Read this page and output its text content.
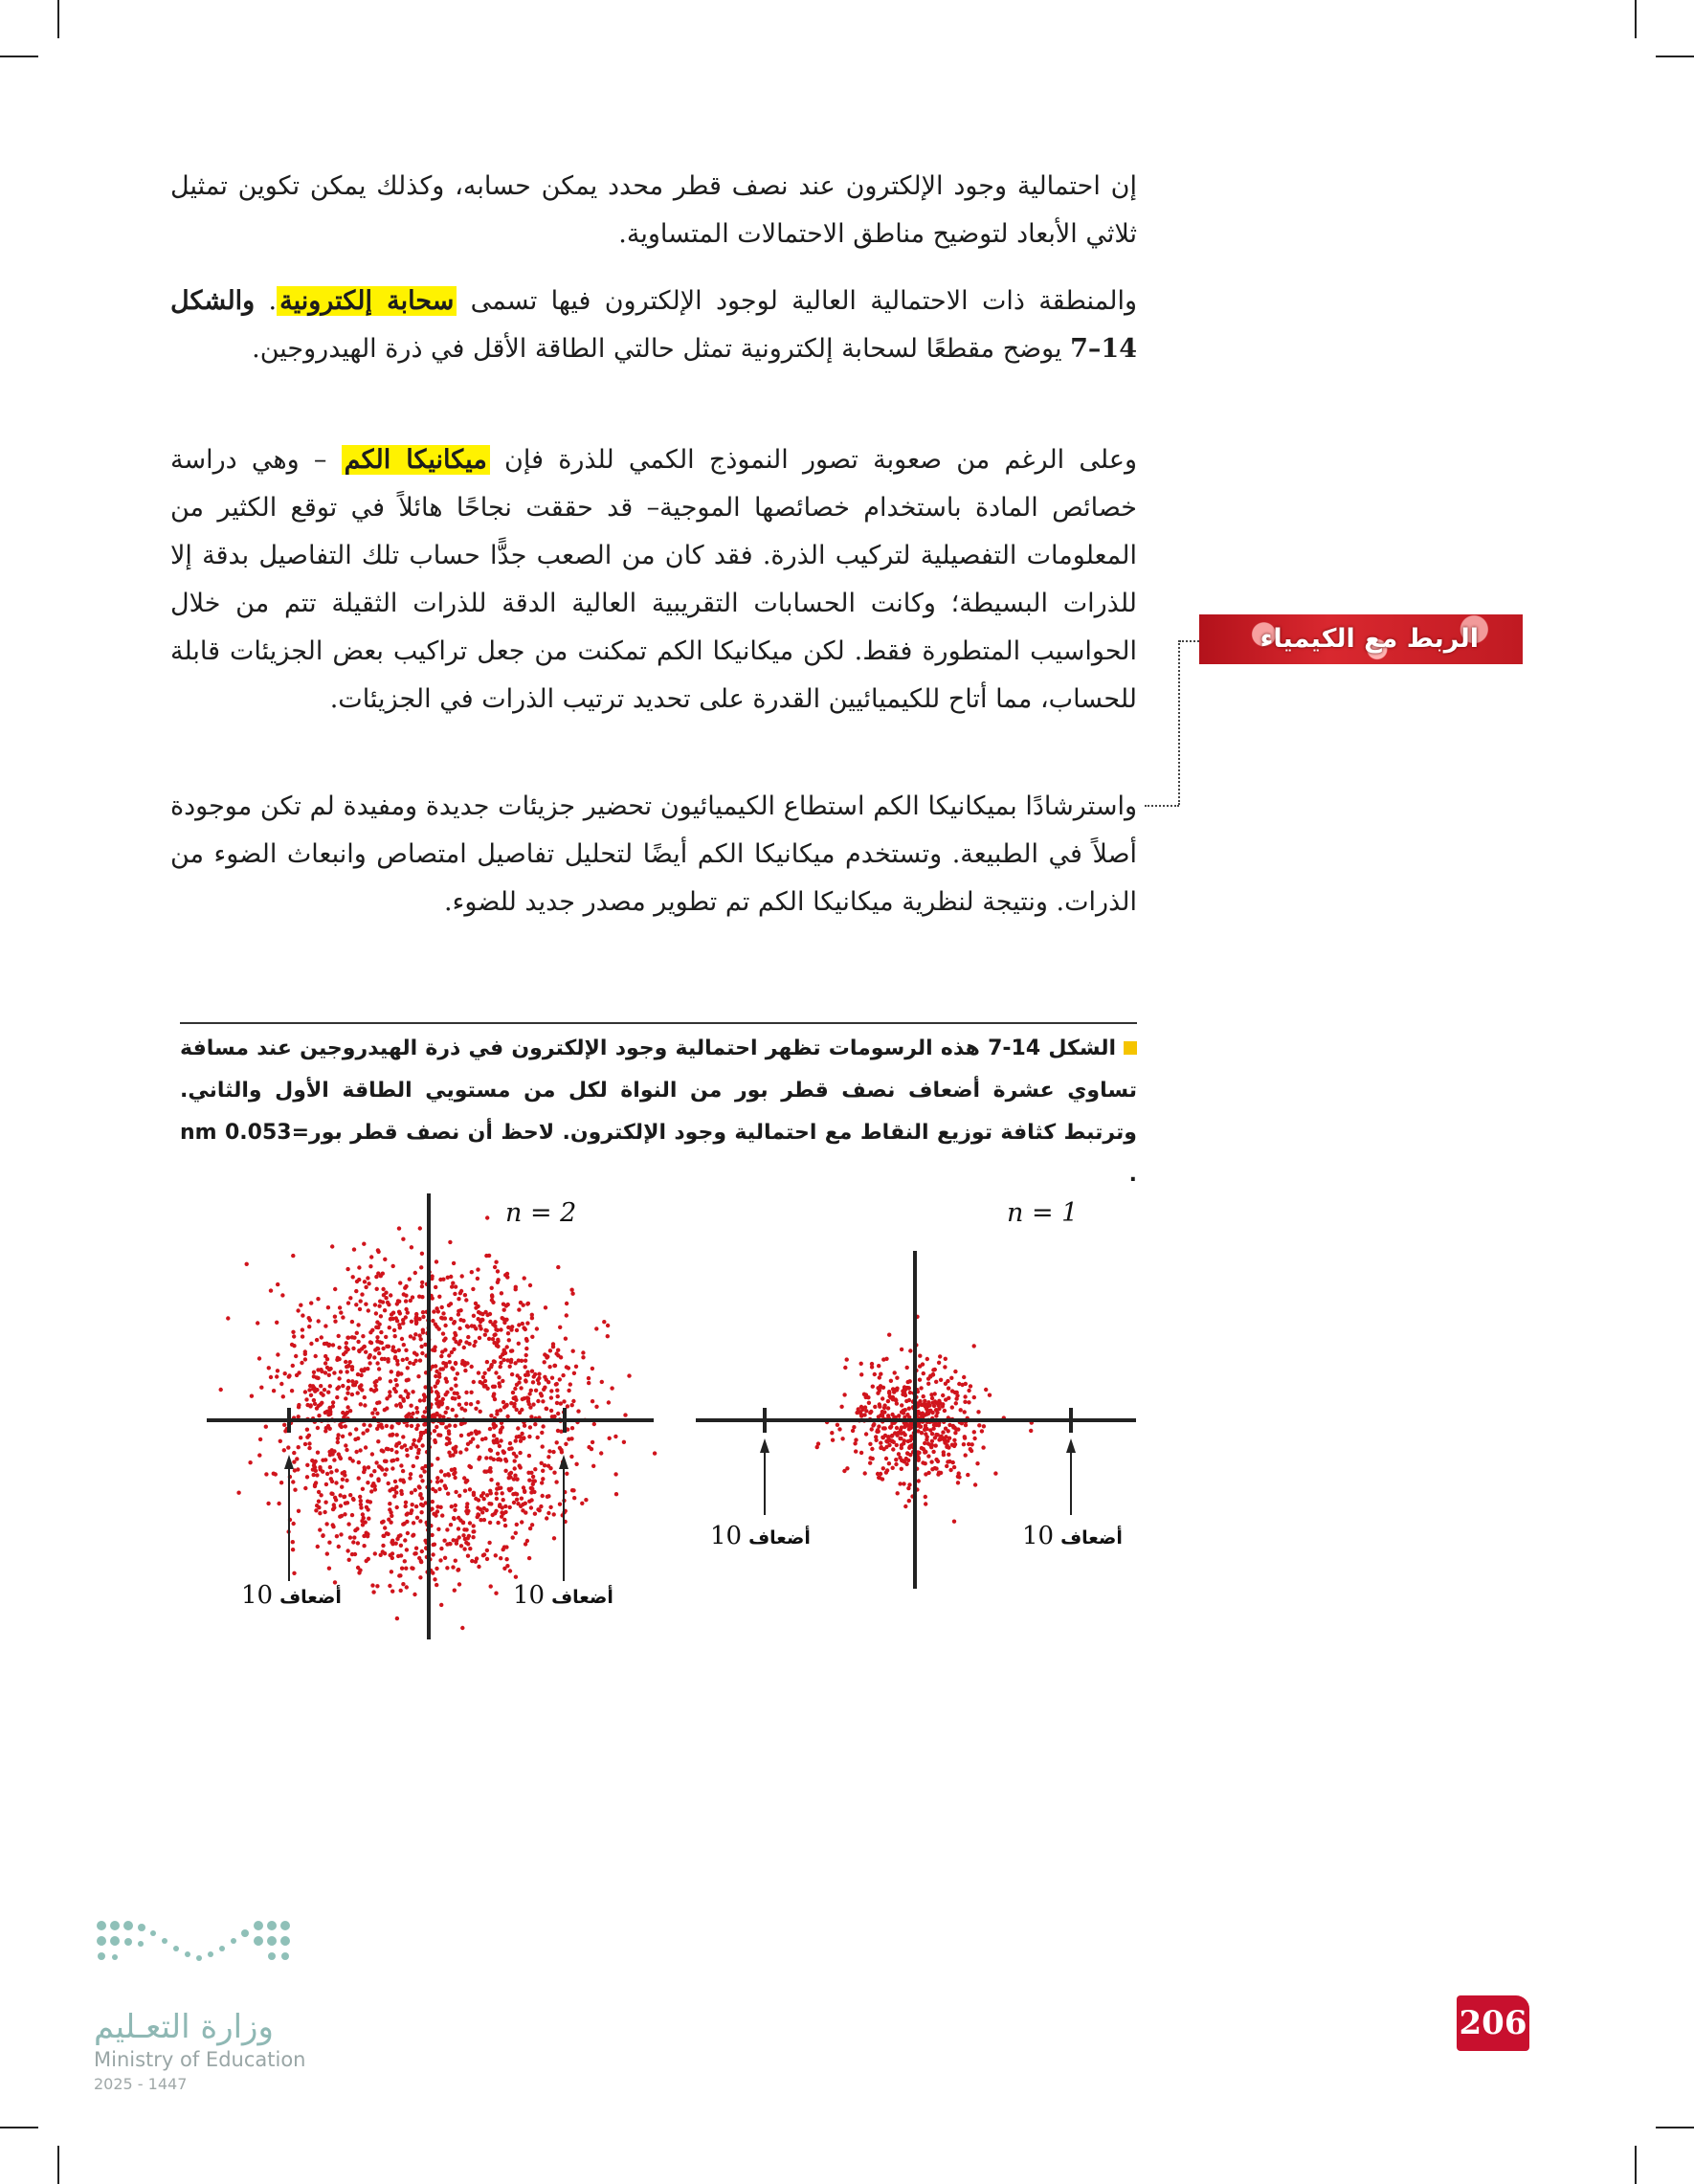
إن احتمالية وجود الإلكترون عند نصف قطر محدد يمكن حسابه، وكذلك يمكن تكوين تمثيل ثلاثي الأبعاد لتوضيح مناطق الاحتمالات المتساوية.
والمنطقة ذات الاحتمالية العالية لوجود الإلكترون فيها تسمى سحابة إلكترونية. والشكل 14–7 يوضح مقطعًا لسحابة إلكترونية تمثل حالتي الطاقة الأقل في ذرة الهيدروجين.
وعلى الرغم من صعوبة تصور النموذج الكمي للذرة فإن ميكانيكا الكم – وهي دراسة خصائص المادة باستخدام خصائصها الموجية– قد حققت نجاحًا هائلاً في توقع الكثير من المعلومات التفصيلية لتركيب الذرة. فقد كان من الصعب جدًّا حساب تلك التفاصيل بدقة إلا للذرات البسيطة؛ وكانت الحسابات التقريبية العالية الدقة للذرات الثقيلة تتم من خلال الحواسيب المتطورة فقط. لكن ميكانيكا الكم تمكنت من جعل تراكيب بعض الجزيئات قابلة للحساب، مما أتاح للكيميائيين القدرة على تحديد ترتيب الذرات في الجزيئات.
واسترشادًا بميكانيكا الكم استطاع الكيميائيون تحضير جزيئات جديدة ومفيدة لم تكن موجودة أصلاً في الطبيعة. وتستخدم ميكانيكا الكم أيضًا لتحليل تفاصيل امتصاص وانبعاث الضوء من الذرات. ونتيجة لنظرية ميكانيكا الكم تم تطوير مصدر جديد للضوء.
الربط مع الكيمياء
الشكل 14-7 هذه الرسومات تظهر احتمالية وجود الإلكترون في ذرة الهيدروجين عند مسافة تساوي عشرة أضعاف نصف قطر بور من النواة لكل من مستويي الطاقة الأول والثاني. وترتبط كثافة توزيع النقاط مع احتمالية وجود الإلكترون. لاحظ أن نصف قطر بور=0.053 nm .
n = 2	n = 1
أضعاف 10	أضعاف 10
أضعاف 10	أضعاف 10
وزارة التعـليم
Ministry of Education
2025 - 1447
206
